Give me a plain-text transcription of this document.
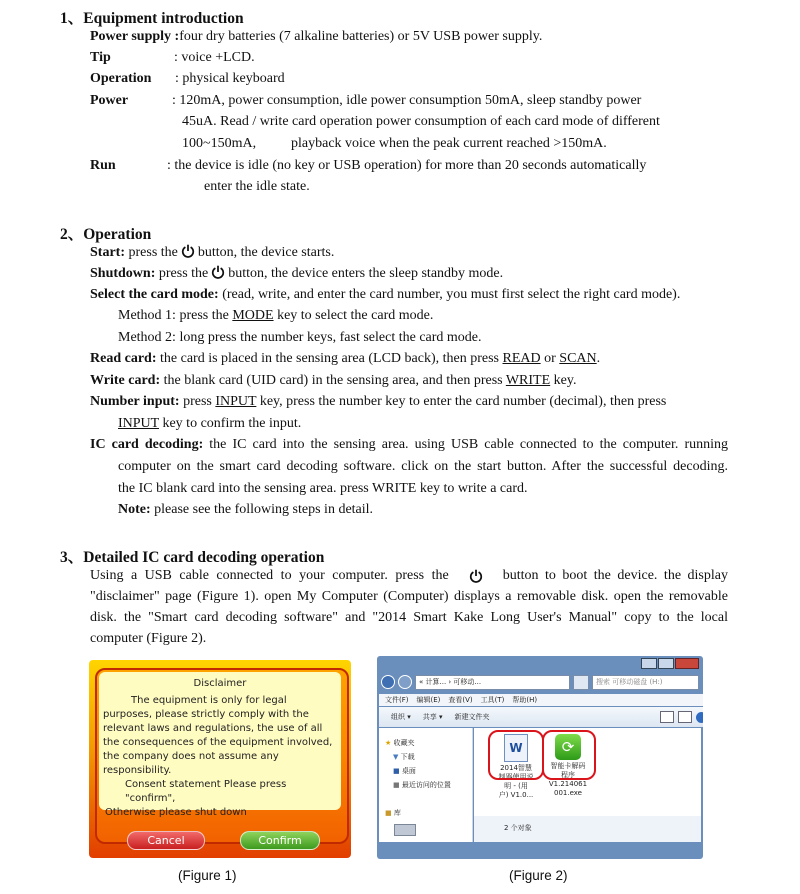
1、Equipment introduction
Power supply :four dry batteries (7 alkaline batteries) or 5V USB power supply.
Tip	: voice +LCD.
Operation : physical keyboard
Power	: 120mA, power consumption, idle power consumption 50mA, sleep standby power
45uA. Read / write card operation power consumption of each card mode of different
100~150mA, playback voice when the peak current reached >150mA.
Run	: the device is idle (no key or USB operation) for more than 20 seconds automatically
enter the idle state.
2、Operation
Start: press the button, the device starts.
Shutdown: press the button, the device enters the sleep standby mode.
Select the card mode: (read, write, and enter the card number, you must first select the right card mode).
Method 1: press the MODE key to select the card mode.
Method 2: long press the number keys, fast select the card mode.
Read card: the card is placed in the sensing area (LCD back), then press READ or SCAN.
Write card: the blank card (UID card) in the sensing area, and then press WRITE key.
Number input: press INPUT key, press the number key to enter the card number (decimal), then press
INPUT key to confirm the input.
IC card decoding: the IC card into the sensing area. using USB cable connected to the computer. running
computer on the smart card decoding software. click on the start button. After the successful decoding.
the IC blank card into the sensing area. press WRITE key to write a card.
Note: please see the following steps in detail.
3、Detailed IC card decoding operation
Using a USB cable connected to your computer. press the	button to boot the device. the display
"disclaimer" page (Figure 1). open My Computer (Computer) displays a removable disk. open the removable
disk. the "Smart card decoding software" and "2014 Smart Kake Long User's Manual" copy to the local
computer (Figure 2).
Disclaimer
The equipment is only for legal purposes, please strictly comply with the relevant laws and regulations, the use of all the consequences of the equipment involved, the company does not assume any responsibility.
Consent statement Please press "confirm",
Otherwise please shut down
Cancel	Confirm
(Figure 1)
« 计算... › 可移动...	搜索 可移动磁盘 (H:)
文件(F) 编辑(E) 查看(V) 工具(T) 帮助(H)
组织 ▾ 共享 ▾ 新建文件夹
★ 收藏夹
▼ 下载
■ 桌面
■ 最近访问的位置
■ 库
W
2014智慧
制器使用说
明 - (用
户) V1.0...
⟳
智能卡解码
程序
V1.214061
001.exe
2 个对象
(Figure 2)
